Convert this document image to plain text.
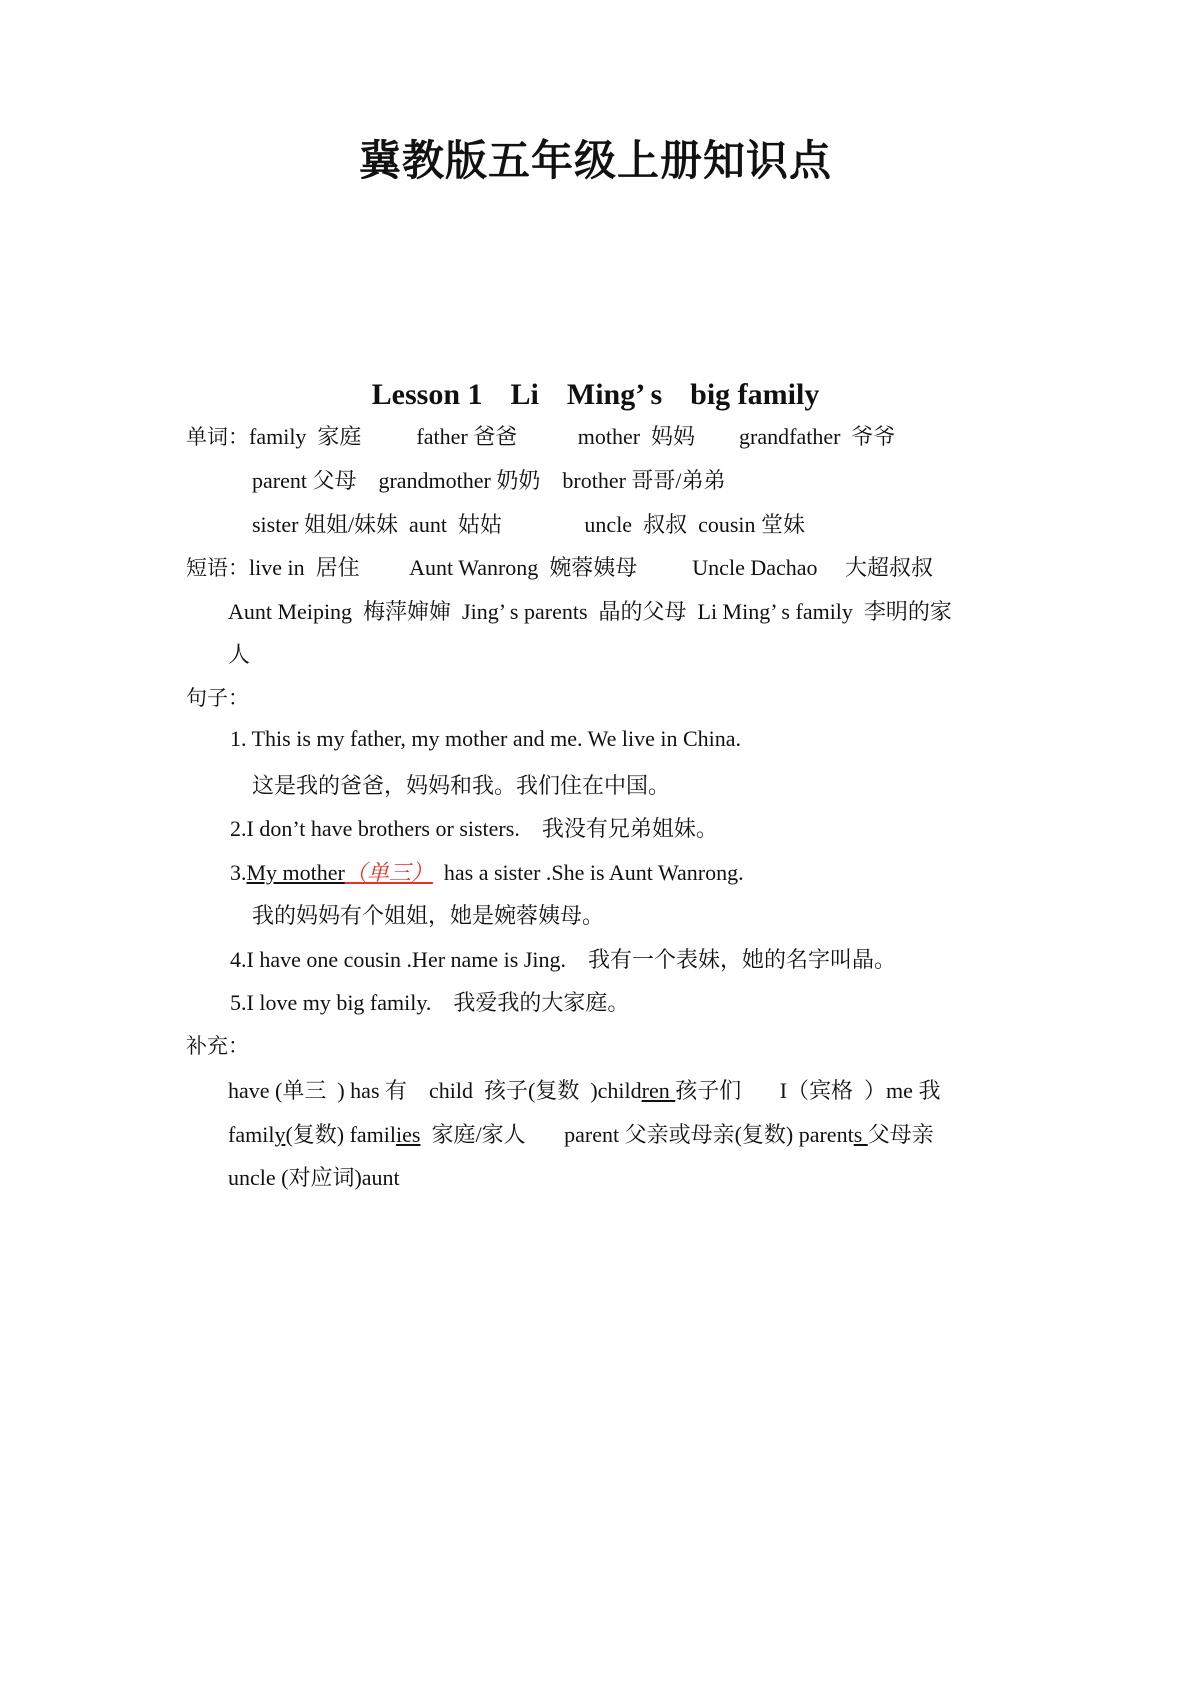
冀教版五年级上册知识点
Lesson 1 Li Ming’ s big family
单词：family  家庭          father 爸爸           mother  妈妈        grandfather  爷爷
parent 父母    grandmother 奶奶    brother 哥哥/弟弟
sister 姐姐/妹妹  aunt  姑姑               uncle  叔叔  cousin 堂妹
短语：live in  居住         Aunt Wanrong  婉蓉姨母          Uncle Dachao     大超叔叔
Aunt Meiping  梅萍婶婶  Jing’ s parents  晶的父母  Li Ming’ s family  李明的家
人
句子：
1. This is my father, my mother and me. We live in China.
这是我的爸爸，妈妈和我。我们住在中国。
2.I don’t have brothers or sisters.    我没有兄弟姐妹。
3.My mother（单三）  has a sister .She is Aunt Wanrong.
我的妈妈有个姐姐，她是婉蓉姨母。
4.I have one cousin .Her name is Jing.    我有一个表妹，她的名字叫晶。
5.I love my big family.    我爱我的大家庭。
补充：
have (单三  ) has 有    child  孩子(复数  )children 孩子们       I（宾格  ）me 我
family(复数) families  家庭/家人       parent 父亲或母亲(复数) parents 父母亲
uncle (对应词)aunt
